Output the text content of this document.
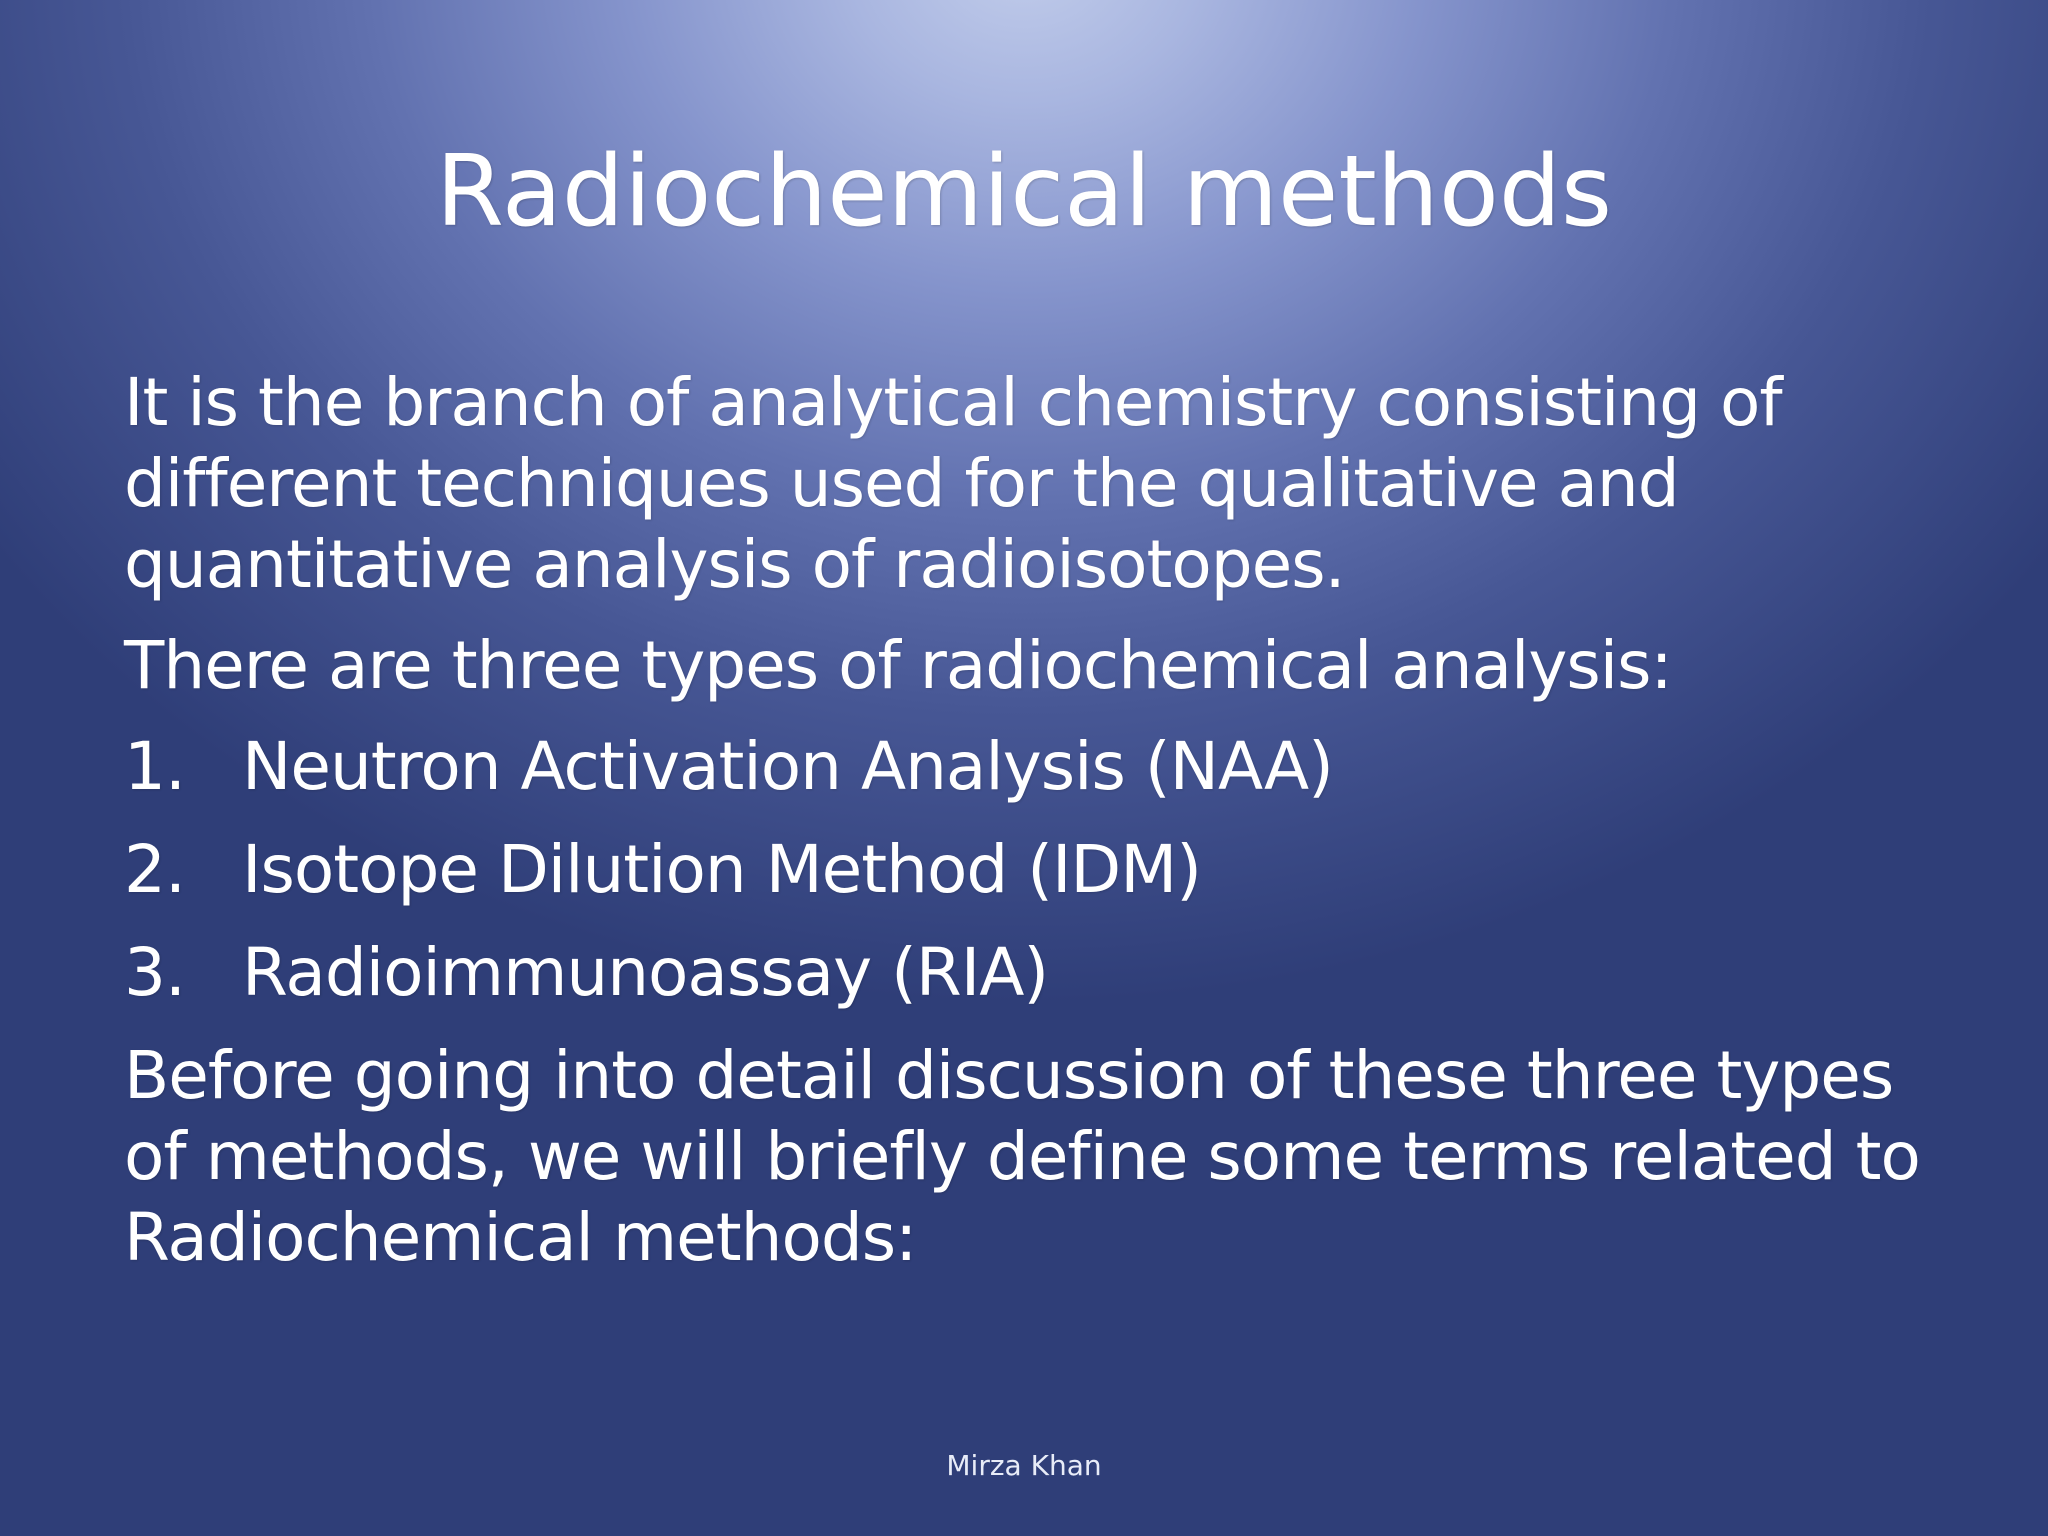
Radiochemical methods

It is the branch of analytical chemistry consisting of different techniques used for the qualitative and quantitative analysis of radioisotopes.

There are three types of radiochemical analysis:

1. Neutron Activation Analysis (NAA)
2. Isotope Dilution Method (IDM)
3. Radioimmunoassay (RIA)

Before going into detail discussion of these three types of methods, we will briefly define some terms related to Radiochemical methods:

Mirza Khan
